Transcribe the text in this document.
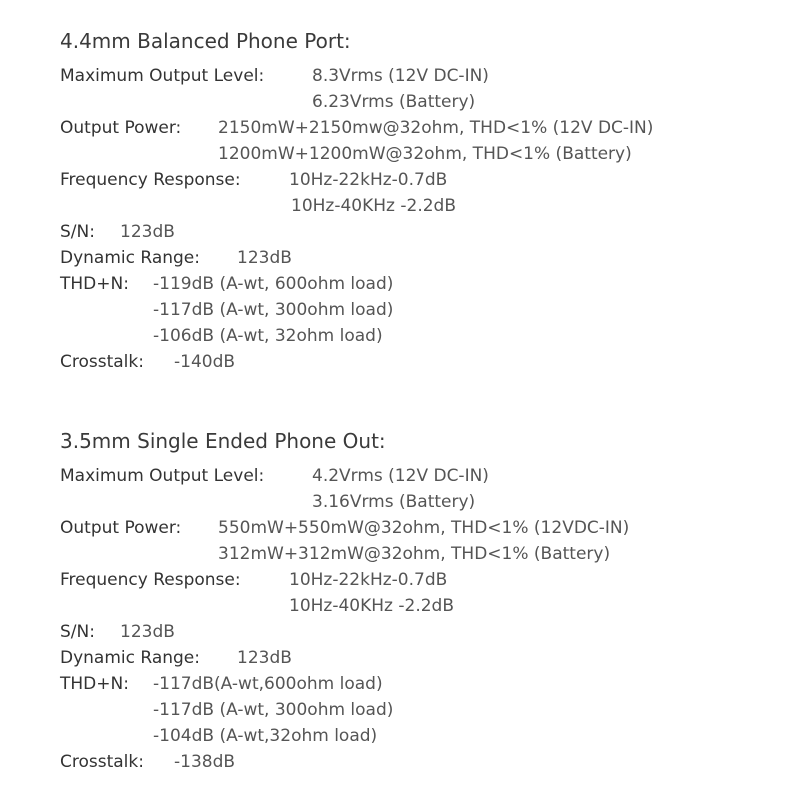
4.4mm Balanced Phone Port:
Maximum Output Level:	8.3Vrms (12V DC-IN)
6.23Vrms (Battery)
Output Power: 2150mW+2150mw@32ohm, THD<1% (12V DC-IN)
1200mW+1200mW@32ohm, THD<1% (Battery)
Frequency Response:	10Hz-22kHz-0.7dB
10Hz-40KHz -2.2dB
S/N: 123dB
Dynamic Range: 123dB
THD+N: -119dB (A-wt, 600ohm load)
-117dB (A-wt, 300ohm load)
-106dB (A-wt, 32ohm load)
Crosstalk: -140dB
3.5mm Single Ended Phone Out:
Maximum Output Level:	4.2Vrms (12V DC-IN)
3.16Vrms (Battery)
Output Power: 550mW+550mW@32ohm, THD<1% (12VDC-IN)
312mW+312mW@32ohm, THD<1% (Battery)
Frequency Response:	10Hz-22kHz-0.7dB
10Hz-40KHz -2.2dB
S/N: 123dB
Dynamic Range: 123dB
THD+N: -117dB(A-wt,600ohm load)
-117dB (A-wt, 300ohm load)
-104dB (A-wt,32ohm load)
Crosstalk: -138dB
